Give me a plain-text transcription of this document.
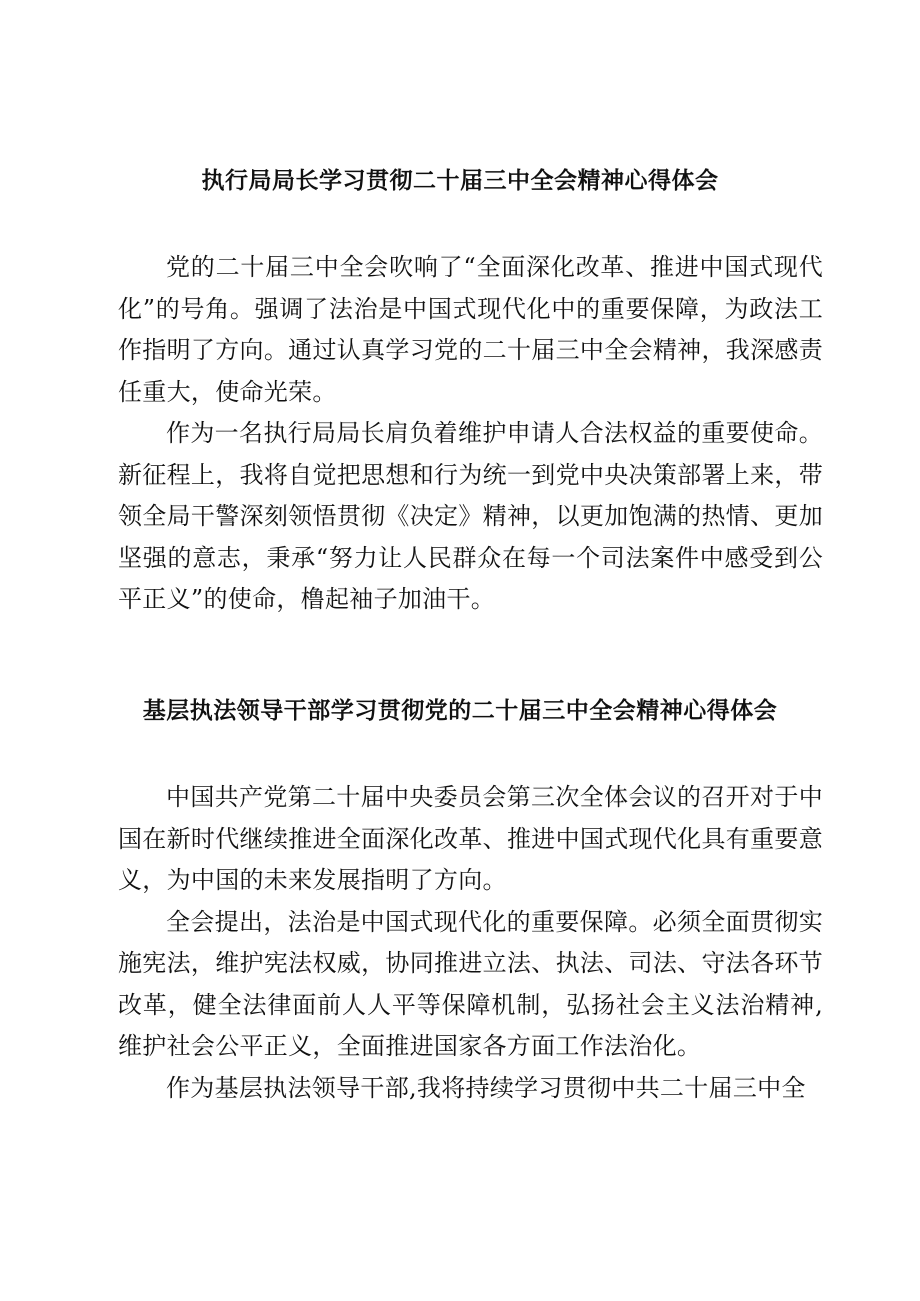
执行局局长学习贯彻二十届三中全会精神心得体会

党的二十届三中全会吹响了“全面深化改革、推进中国式现代化”的号角。强调了法治是中国式现代化中的重要保障，为政法工作指明了方向。通过认真学习党的二十届三中全会精神，我深感责任重大，使命光荣。

作为一名执行局局长肩负着维护申请人合法权益的重要使命。新征程上，我将自觉把思想和行为统一到党中央决策部署上来，带领全局干警深刻领悟贯彻《决定》精神，以更加饱满的热情、更加坚强的意志，秉承“努力让人民群众在每一个司法案件中感受到公平正义”的使命，橹起袖子加油干。

基层执法领导干部学习贯彻党的二十届三中全会精神心得体会

中国共产党第二十届中央委员会第三次全体会议的召开对于中国在新时代继续推进全面深化改革、推进中国式现代化具有重要意义，为中国的未来发展指明了方向。

全会提出，法治是中国式现代化的重要保障。必须全面贯彻实施宪法，维护宪法权威，协同推进立法、执法、司法、守法各环节改革，健全法律面前人人平等保障机制，弘扬社会主义法治精神,维护社会公平正义，全面推进国家各方面工作法治化。

作为基层执法领导干部,我将持续学习贯彻中共二十届三中全
